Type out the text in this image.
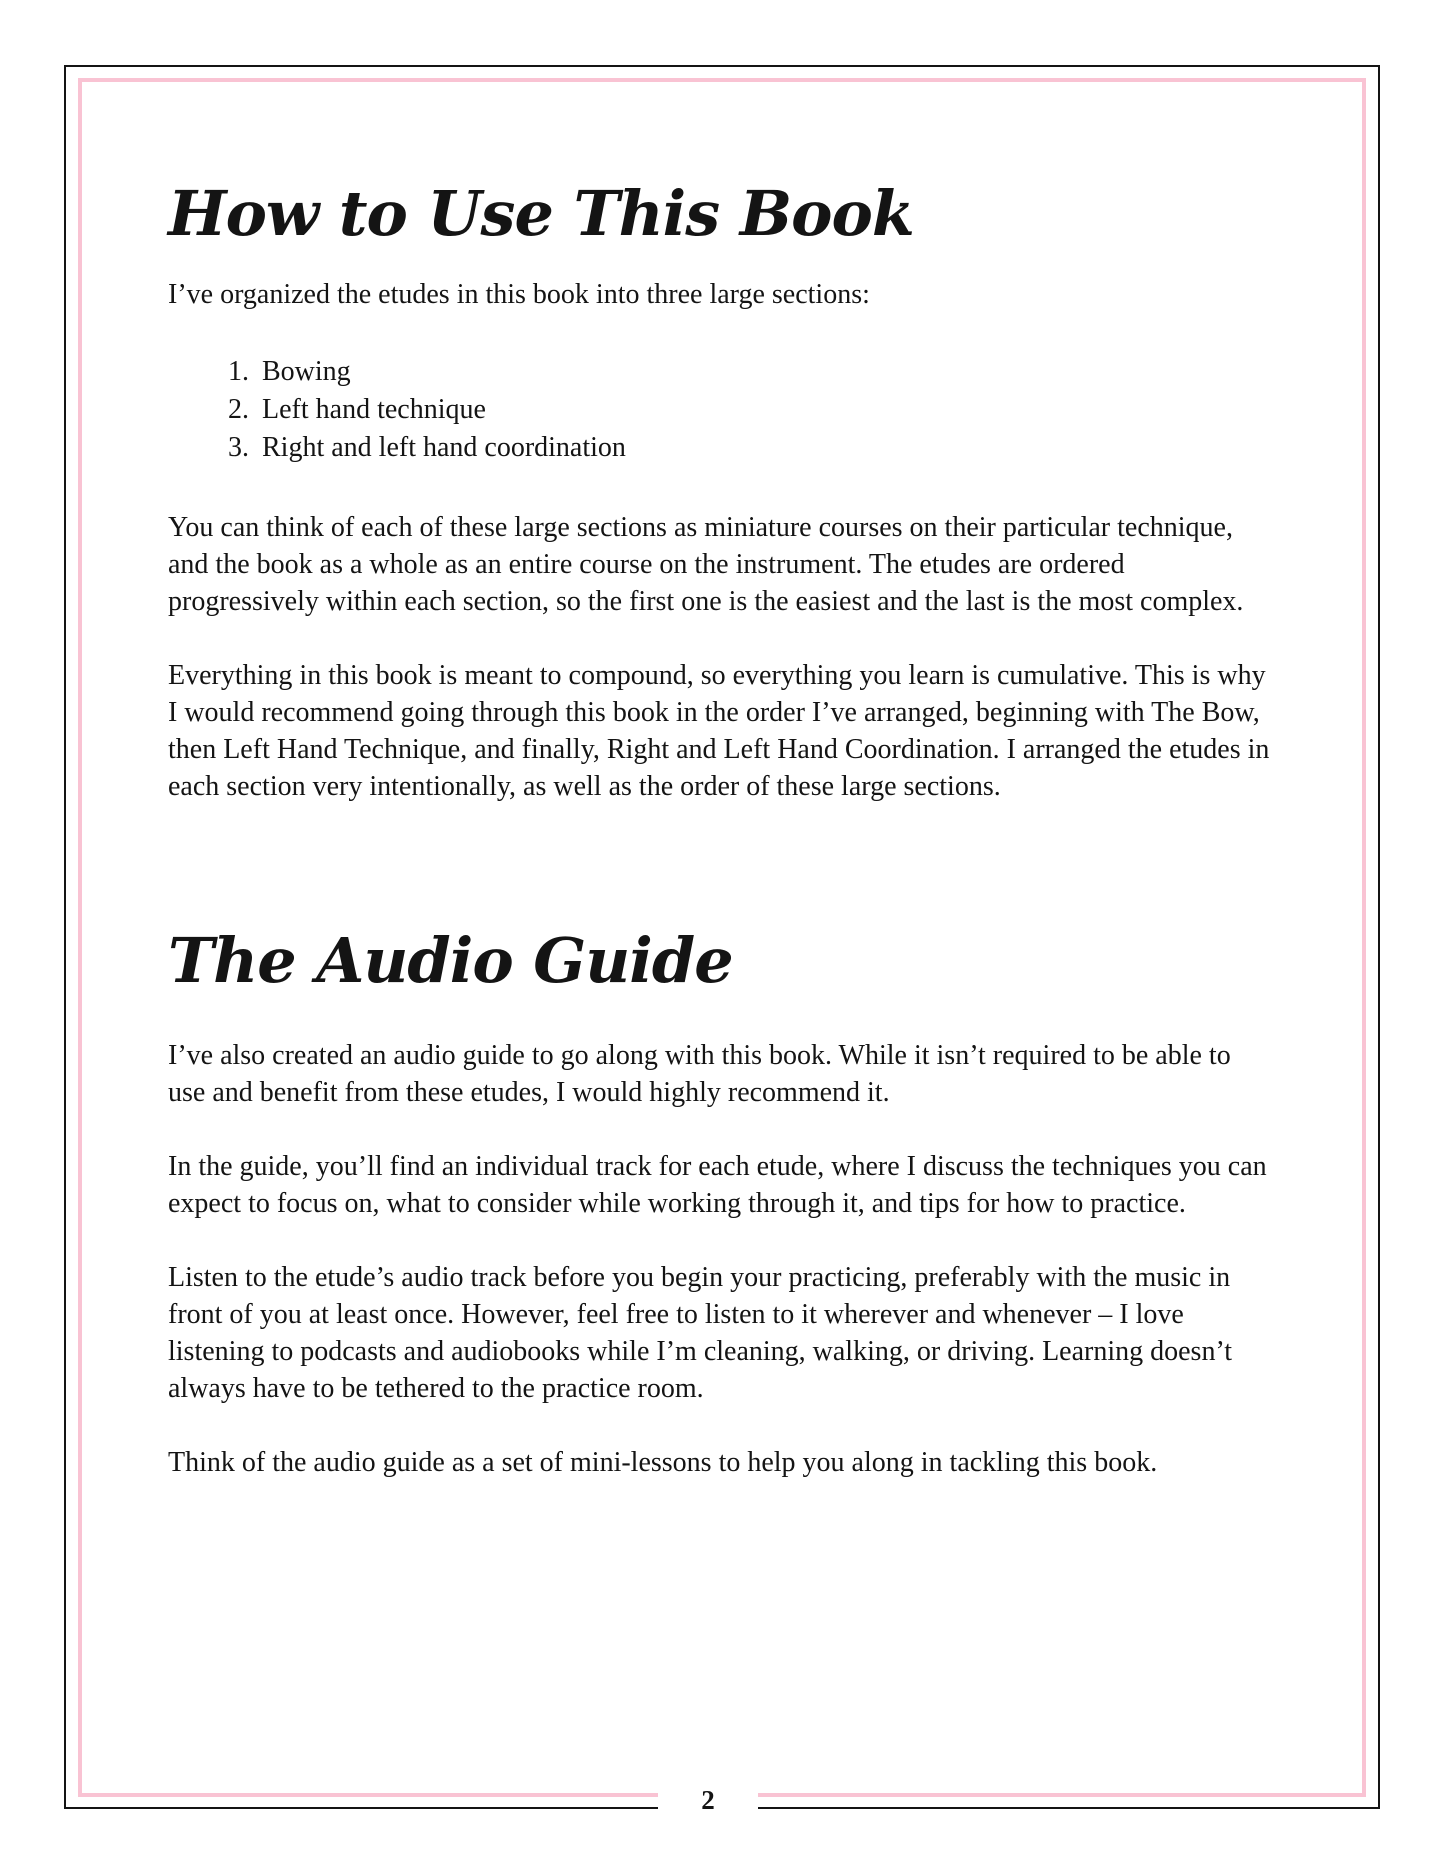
2
How to Use This Book

I’ve organized the etudes in this book into three large sections:

1. Bowing
2. Left hand technique
3. Right and left hand coordination

You can think of each of these large sections as miniature courses on their particular technique, and the book as a whole as an entire course on the instrument. The etudes are ordered progressively within each section, so the first one is the easiest and the last is the most complex.

Everything in this book is meant to compound, so everything you learn is cumulative. This is why I would recommend going through this book in the order I’ve arranged, beginning with The Bow, then Left Hand Technique, and finally, Right and Left Hand Coordination. I arranged the etudes in each section very intentionally, as well as the order of these large sections.

The Audio Guide

I’ve also created an audio guide to go along with this book. While it isn’t required to be able to use and benefit from these etudes, I would highly recommend it.

In the guide, you’ll find an individual track for each etude, where I discuss the techniques you can expect to focus on, what to consider while working through it, and tips for how to practice.

Listen to the etude’s audio track before you begin your practicing, preferably with the music in front of you at least once. However, feel free to listen to it wherever and whenever – I love listening to podcasts and audiobooks while I’m cleaning, walking, or driving. Learning doesn’t always have to be tethered to the practice room.

Think of the audio guide as a set of mini-lessons to help you along in tackling this book.
